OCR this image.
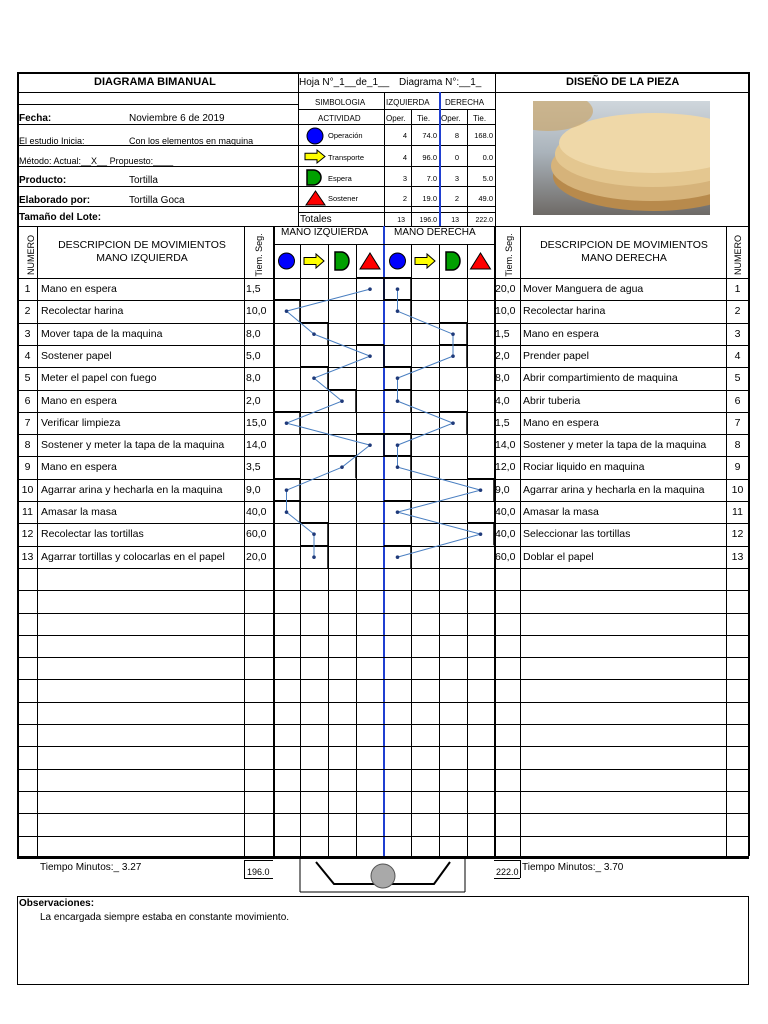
DIAGRAMA BIMANUAL	Hoja N°_1__de_1__ Diagrama N°:__1_	DISEÑO DE LA PIEZA
Fecha:	Noviembre 6 de 2019
El estudio Inicia:	Con los elementos en maquina
Método: Actual:__X__ Propuesto:____
Producto:	Tortilla
Elaborado por:	Tortilla Goca
Tamaño del Lote:
SIMBOLOGIA	IZQUIERDA DERECHA
ACTIVIDAD	Oper. Tie. Oper. Tie.
Operación	4	74.0	8	168.0
Transporte	4	96.0	0	0.0
Espera	3	7.0	3	5.0
Sostener	2	19.0	2	49.0
Totales	13	196.0	13	222.0
NUMERO	DESCRIPCION DE MOVIMIENTOS MANO IZQUIERDA	Tiem. Seg.
MANO IZQUIERDA	MANO DERECHA
Tiem. Seg.	DESCRIPCION DE MOVIMIENTOS MANO DERECHA	NUMERO
1	Mano en espera	1,5	20,0 Mover Manguera de agua	1
2	Recolectar harina	10,0	10,0 Recolectar harina	2
3	Mover tapa de la maquina	8,0	1,5	Mano en espera	3
4	Sostener papel	5,0	2,0	Prender papel	4
5	Meter el papel con fuego	8,0	8,0	Abrir compartimiento de maquina	5
6	Mano en espera	2,0	4,0	Abrir tuberia	6
7	Verificar limpieza	15,0	1,5	Mano en espera	7
8	Sostener y meter la tapa de la maquina 14,0	14,0 Sostener y meter la tapa de la maquina	8
9	Mano en espera	3,5	12,0 Rociar liquido en maquina	9
10 Agarrar arina y hecharla en la maquina 9,0	9,0	Agarrar arina y hecharla en la maquina	10
11 Amasar la masa	40,0	40,0 Amasar la masa	11
12 Recolectar las tortillas	60,0	40,0 Seleccionar las tortillas	12
13 Agarrar tortillas y colocarlas en el papel 20,0	60,0 Doblar el papel	13
Tiempo Minutos:_ 3.27	196.0	222.0 Tiempo Minutos:_ 3.70
Observaciones:
La encargada siempre estaba en constante movimiento.
